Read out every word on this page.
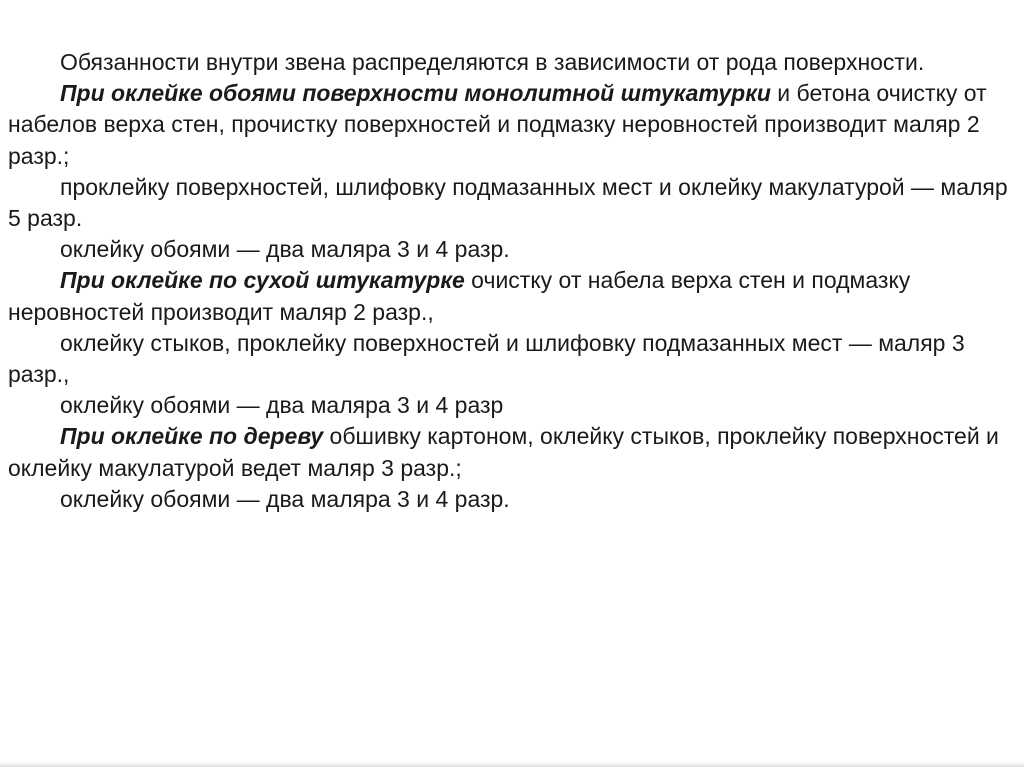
Обязанности внутри звена распределяются в зависимости от рода поверхности.

При оклейке обоями поверхности монолитной штукатурки и бетона очистку от набелов верха стен, прочистку поверхностей и подмазку неровностей производит маляр 2 разр.;

проклейку поверхностей, шлифовку подмазанных мест и оклейку макулатурой — маляр 5 разр.

оклейку обоями — два маляра 3 и 4 разр.

При оклейке по сухой штукатурке очистку от набела верха стен и подмазку неровностей производит маляр 2 разр.,

оклейку стыков, проклейку поверхностей и шлифовку подмазанных мест — маляр 3 разр.,

оклейку обоями — два маляра 3 и 4 разр

При оклейке по дереву обшивку картоном, оклейку стыков, проклейку поверхностей и оклейку макулатурой ведет маляр 3 разр.;

оклейку обоями — два маляра 3 и 4 разр.
